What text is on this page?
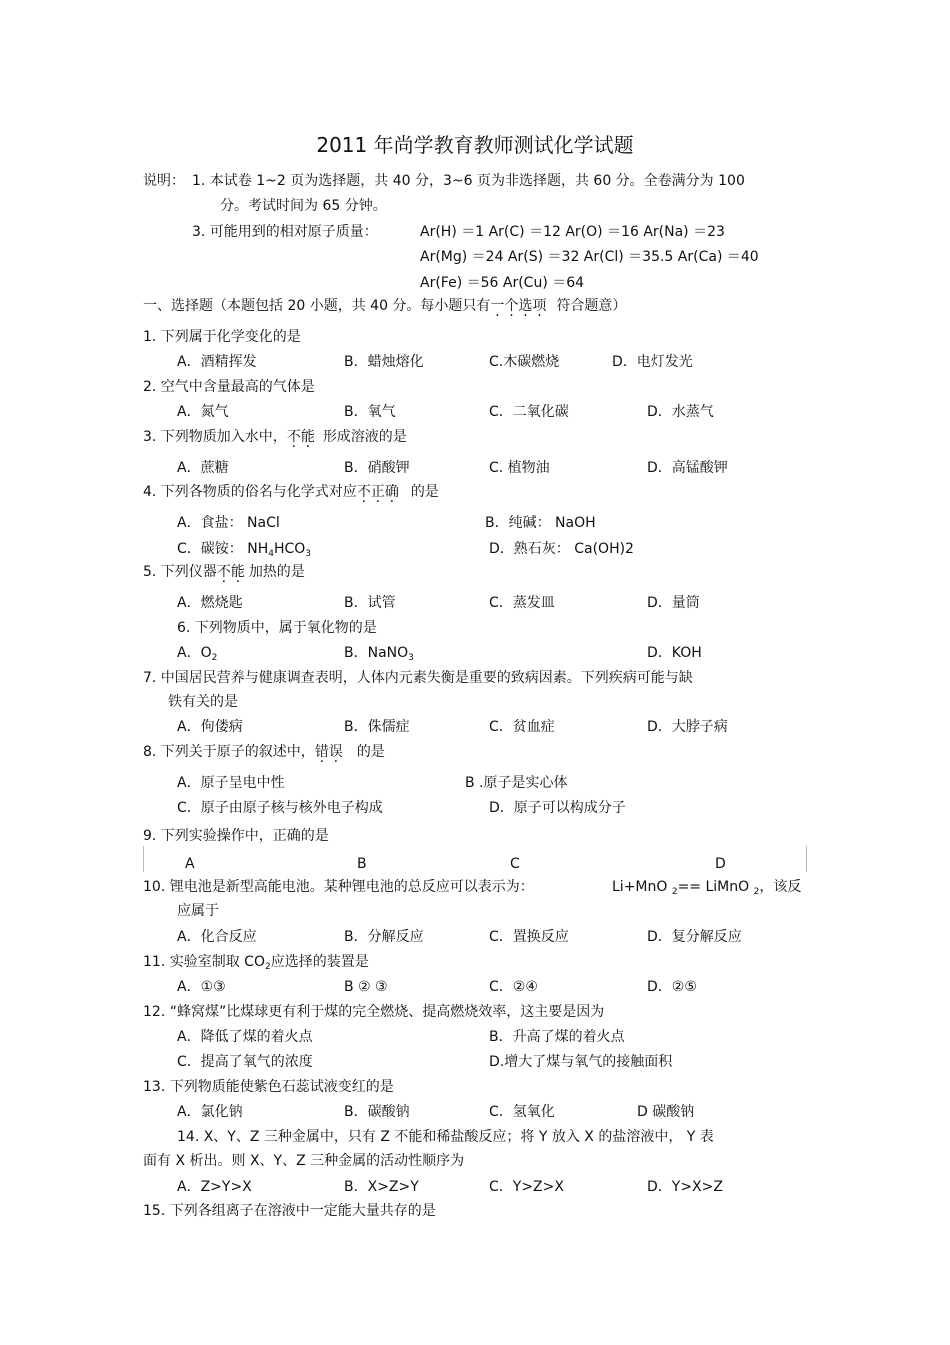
2011 年尚学教育教师测试化学试题
说明： 1. 本试卷 1~2 页为选择题，共 40 分，3~6 页为非选择题，共 60 分。全卷满分为 100
分。考试时间为 65 分钟。
3. 可能用到的相对原子质量：	Ar(H) ＝1 Ar(C) ＝12 Ar(O) ＝16 Ar(Na) ＝23
Ar(Mg) ＝24 Ar(S) ＝32 Ar(Cl) ＝35.5 Ar(Ca) ＝40
Ar(Fe) ＝56 Ar(Cu) ＝64
一、选择题（本题包括 20 小题，共 40 分。每小题只有一个选项 符合题意）
1. 下列属于化学变化的是
A．酒精挥发	B．蜡烛熔化	C.木碳燃烧	D．电灯发光
2. 空气中含量最高的气体是
A．氮气	B．氧气	C．二氧化碳	D．水蒸气
3. 下列物质加入水中，不能 形成溶液的是
A．蔗糖	B．硝酸钾	C. 植物油	D．高锰酸钾
4. 下列各物质的俗名与化学式对应不正确 的是
A．食盐： NaCl	B．纯碱： NaOH
C．碳铵： $NH_4HCO_3$	D．熟石灰： Ca(OH)2
5. 下列仪器不能 加热的是
A．燃烧匙	B．试管	C．蒸发皿	D．量筒
6. 下列物质中，属于氧化物的是
A．$O_2$	B．NaNO$_3$	D．KOH
7. 中国居民营养与健康调查表明，人体内元素失衡是重要的致病因素。下列疾病可能与缺
铁有关的是
A．佝偻病	B．侏儒症	C．贫血症	D．大脖子病
8. 下列关于原子的叙述中，错误 的是
A．原子呈电中性	B .原子是实心体
C．原子由原子核与核外电子构成	D．原子可以构成分子
9. 下列实验操作中，正确的是
A	B	C	D
10. 锂电池是新型高能电池。某种锂电池的总反应可以表示为：	Li+MnO $_2$== LiMnO $_2$，该反
应属于
A．化合反应	B．分解反应	C．置换反应	D．复分解反应
11. 实验室制取 $CO_2$应选择的装置是
A．①③	B ② ③	C．②④	D．②⑤
12. “蜂窝煤”比煤球更有利于煤的完全燃烧、提高燃烧效率，这主要是因为
A．降低了煤的着火点	B．升高了煤的着火点
C．提高了氧气的浓度	D.增大了煤与氧气的接触面积
13. 下列物质能使紫色石蕊试液变红的是
A．氯化钠	B．碳酸钠	C．氢氧化	D 碳酸钠
14. X、Y、Z 三种金属中，只有 Z 不能和稀盐酸反应；将 Y 放入 X 的盐溶液中， Y 表
面有 X 析出。则 X、Y、Z 三种金属的活动性顺序为
A．Z>Y>X	B．X>Z>Y	C．Y>Z>X	D．Y>X>Z
15. 下列各组离子在溶液中一定能大量共存的是
